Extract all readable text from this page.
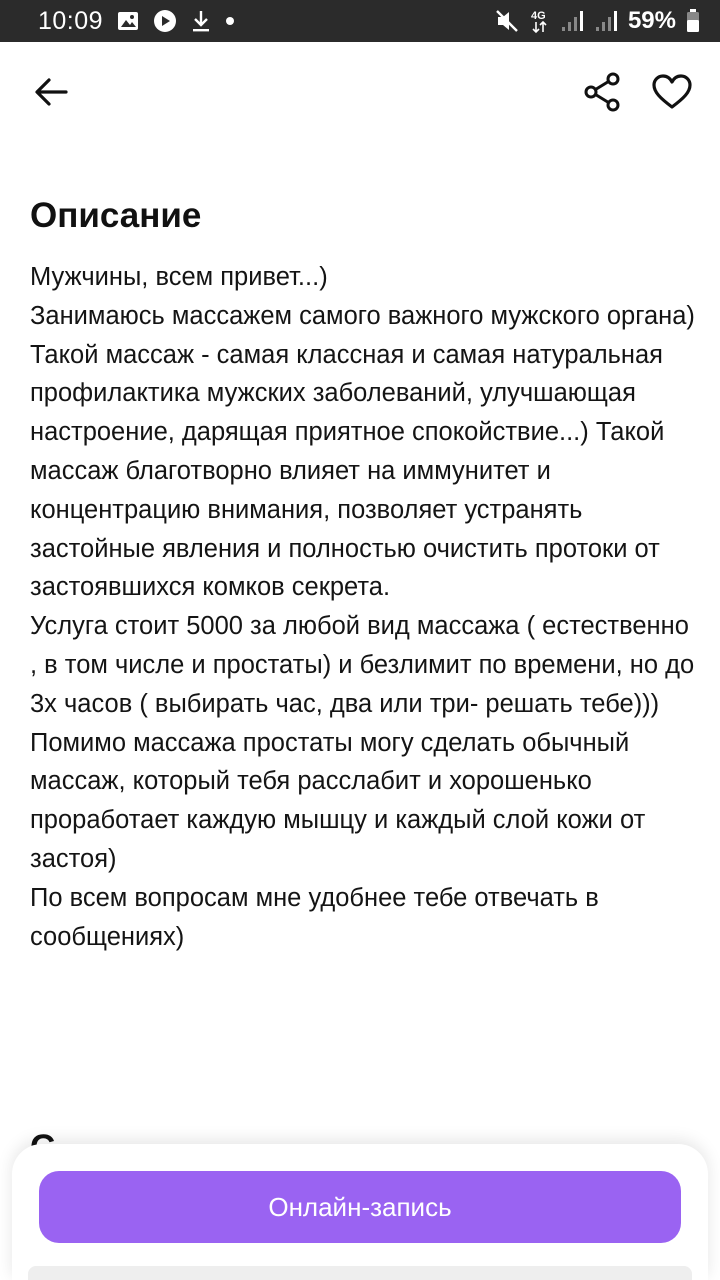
10:09	4G	59%
Описание

Мужчины, всем привет...)

Занимаюсь массажем самого важного мужского органа)

Такой массаж - самая классная и самая натуральная профилактика мужских заболеваний, улучшающая настроение, дарящая приятное спокойствие...) Такой массаж благотворно влияет на иммунитет и концентрацию внимания, позволяет устранять застойные явления и полностью очистить протоки от застоявшихся комков секрета.

Услуга стоит 5000 за любой вид массажа ( естественно , в том числе и простаты) и безлимит по времени, но до 3х часов ( выбирать час, два или три- решать тебе)))

Помимо массажа простаты могу сделать обычный массаж, который тебя расслабит и хорошенько проработает каждую мышцу и каждый слой кожи от застоя)

По всем вопросам мне удобнее тебе отвечать в сообщениях)

Онлайн-запись
